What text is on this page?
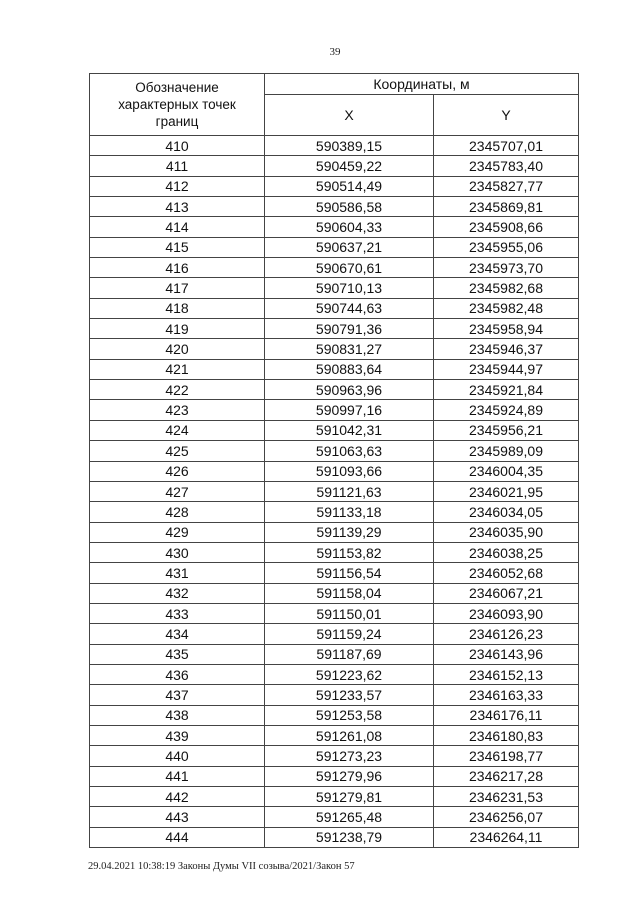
39
Обозначение
характерных точек
границ	Координаты, м	
	X	Y
410	590389,15	2345707,01
411	590459,22	2345783,40
412	590514,49	2345827,77
413	590586,58	2345869,81
414	590604,33	2345908,66
415	590637,21	2345955,06
416	590670,61	2345973,70
417	590710,13	2345982,68
418	590744,63	2345982,48
419	590791,36	2345958,94
420	590831,27	2345946,37
421	590883,64	2345944,97
422	590963,96	2345921,84
423	590997,16	2345924,89
424	591042,31	2345956,21
425	591063,63	2345989,09
426	591093,66	2346004,35
427	591121,63	2346021,95
428	591133,18	2346034,05
429	591139,29	2346035,90
430	591153,82	2346038,25
431	591156,54	2346052,68
432	591158,04	2346067,21
433	591150,01	2346093,90
434	591159,24	2346126,23
435	591187,69	2346143,96
436	591223,62	2346152,13
437	591233,57	2346163,33
438	591253,58	2346176,11
439	591261,08	2346180,83
440	591273,23	2346198,77
441	591279,96	2346217,28
442	591279,81	2346231,53
443	591265,48	2346256,07
444	591238,79	2346264,11
29.04.2021 10:38:19 Законы Думы VII созыва/2021/Закон 57
